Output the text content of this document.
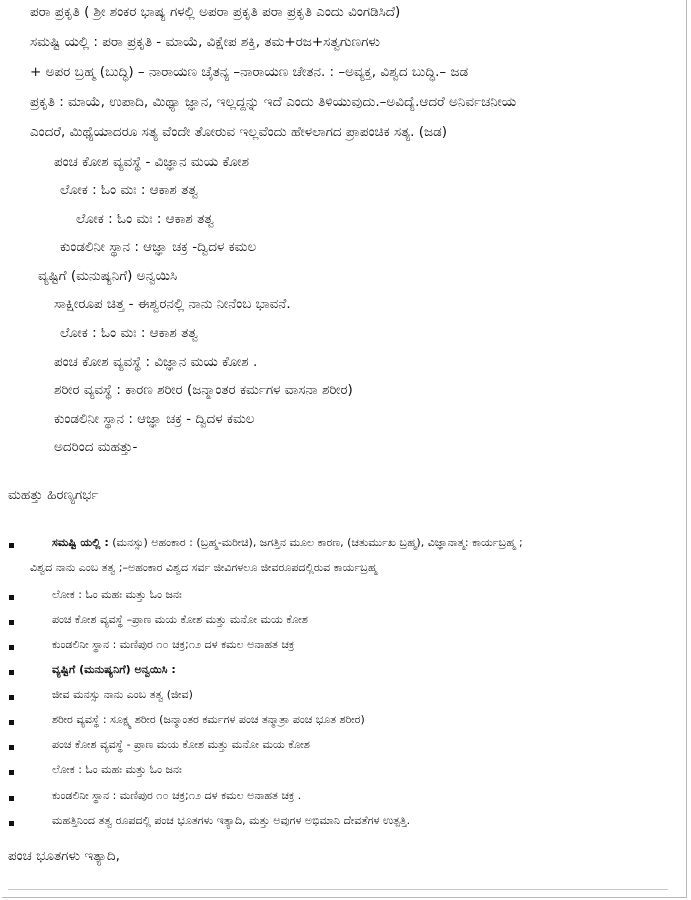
ಪರಾ ಪ್ರಕೃತಿ ( ಶ್ರೀ ಶಂಕರ ಭಾಷ್ಯ ಗಳಲ್ಲಿ ಅಪರಾ ಪ್ರಕೃತಿ ಪರಾ ಪ್ರಕೃತಿ ಎಂದು ವಿಂಗಡಿಸಿದೆ)
ಸಮಷ್ಟಿ ಯಲ್ಲಿ : ಪರಾ ಪ್ರಕೃತಿ - ಮಾಯೆ, ವಿಕ್ಷೇಪ ಶಕ್ತಿ, ತಮ+ರಜ+ಸತ್ವಗುಣಗಳು
+ ಅಪರ ಬ್ರಹ್ಮ (ಬುದ್ಧಿ) – ನಾರಾಯಣ ಚೈತನ್ಯ –ನಾರಾಯಣ ಚೇತನ. : –ಅವ್ಯಕ್ತ, ವಿಶ್ವದ ಬುದ್ಧಿ.– ಜಡ
ಪ್ರಕೃತಿ : ಮಾಯೆ, ಉಪಾದಿ, ಮಿಥ್ಯಾ ಜ್ಞಾನ, ಇಲ್ಲದ್ದನ್ನು ಇದೆ ಎಂದು ತಿಳಿಯುವುದು.–ಅವಿದ್ಯೆ.ಆದರೆ ಅನಿರ್ವಚನೀಯ
ಎಂದರೆ, ಮಿಥ್ಯೆಯಾದರೂ ಸತ್ಯ ವೆಂದೇ ತೋರುವ ಇಲ್ಲವೆಂದು ಹೇಳಲಾಗದ ಪ್ರಾಪಂಚಿಕ ಸತ್ಯ. (ಜಡ)
ಪಂಚ ಕೋಶ ವ್ಯವಸ್ಥೆ - ವಿಜ್ಞಾನ ಮಯ ಕೋಶ
ಲೋಕ : ಓಂ ಮಃ : ಆಕಾಶ ತತ್ವ
ಲೋಕ : ಓಂ ಮಃ : ಆಕಾಶ ತತ್ವ
ಕುಂಡಲಿನೀ ಸ್ಥಾನ : ಆಜ್ಞಾ ಚಕ್ರ -ದ್ವಿದಳ ಕಮಲ
ವ್ಯಷ್ಟಿಗೆ (ಮನುಷ್ಯನಿಗೆ) ಅನ್ವಯಿಸಿ
ಸಾಕ್ಷೀರೂಪ ಚಿತ್ತ - ಈಶ್ವರನಲ್ಲಿ ನಾನು ನೀನೆಂಬ ಭಾವನೆ.
ಲೋಕ : ಓಂ ಮಃ : ಆಕಾಶ ತತ್ವ
ಪಂಚ ಕೋಶ ವ್ಯವಸ್ಥೆ : ವಿಜ್ಞಾನ ಮಯ ಕೋಶ .
ಶರೀರ ವ್ಯವಸ್ಥೆ : ಕಾರಣ ಶರೀರ (ಜನ್ಮಾಂತರ ಕರ್ಮಗಳ ವಾಸನಾ ಶರೀರ)
ಕುಂಡಲಿನೀ ಸ್ಥಾನ : ಆಜ್ಞಾ ಚಕ್ರ - ದ್ವಿದಳ ಕಮಲ
ಅದರಿಂದ ಮಹತ್ತು-
ಮಹತ್ತು ಹಿರಣ್ಯಗರ್ಭ
ಸಮಷ್ಟಿ ಯಲ್ಲಿ : (ಮನಸ್ಸು) ಅಹಂಕಾರ : (ಬ್ರಹ್ಮ-ಮರೀಚಿ), ಜಗತ್ತಿನ ಮೂಲ ಕಾರಣ, (ಚತುರ್ಮುಖ ಬ್ರಹ್ಮ), ವಿಜ್ಞಾನಾತ್ಮ: ಕಾರ್ಯಬ್ರಹ್ಮ ;
ವಿಶ್ವದ ನಾನು ಎಂಬ ತತ್ವ ;–ಅಹಂಕಾರ ವಿಶ್ವದ ಸರ್ವ ಜೀವಿಗಳಲೂ ಜೀವರೂಪದಲ್ಲಿರುವ ಕಾರ್ಯಬ್ರಹ್ಮ
ಲೋಕ : ಓಂ ಮಹಃ ಮತ್ತು ಓಂ ಜನಃ
ಪಂಚ ಕೋಶ ವ್ಯವಸ್ಥೆ –ಪ್ರಾಣ ಮಯ ಕೋಶ ಮತ್ತು ಮನೋ ಮಯ ಕೋಶ
ಕುಂಡಲಿನೀ ಸ್ಥಾನ : ಮಣಿಪುರ ೧೦ ಚಕ್ರ;೧೨ ದಳ ಕಮಲ ಅನಾಹತ ಚಕ್ರ
ವ್ಯಷ್ಟಿಗೆ (ಮನುಷ್ಯನಿಗೆ) ಅನ್ವಯಿಸಿ :
ಜೀವ ಮನಸ್ಸು ನಾನು ಎಂಬ ತತ್ವ (ಜೀವ)
ಶರೀರ ವ್ಯವಸ್ಥೆ : ಸೂಕ್ಷ್ಮ ಶರೀರ (ಜನ್ಮಾಂತರ ಕರ್ಮಗಳ ಪಂಚ ತನ್ಮಾತ್ರಾ ಪಂಚ ಭೂತ ಶರೀರ)
ಪಂಚ ಕೋಶ ವ್ಯವಸ್ಥೆ - ಪ್ರಾಣ ಮಯ ಕೋಶ ಮತ್ತು ಮನೋ ಮಯ ಕೋಶ
ಲೋಕ : ಓಂ ಮಹಃ ಮತ್ತು ಓಂ ಜನಃ
ಕುಂಡಲಿನೀ ಸ್ಥಾನ : ಮಣಿಪುರ ೧೦ ಚಕ್ರ;೧೨ ದಳ ಕಮಲ ಅನಾಹತ ಚಕ್ರ .
ಮಹತ್ತಿನಿಂದ ತತ್ವ ರೂಪದಲ್ಲಿ ಪಂಚ ಭೂತಗಳು ಇತ್ಯಾದಿ, ಮತ್ತು ಅವುಗಳ ಅಭಿಮಾನಿ ದೇವತೆಗಳ ಉತ್ಪತ್ತಿ.
ಪಂಚ ಭೂತಗಳು ಇತ್ಯಾದಿ,
